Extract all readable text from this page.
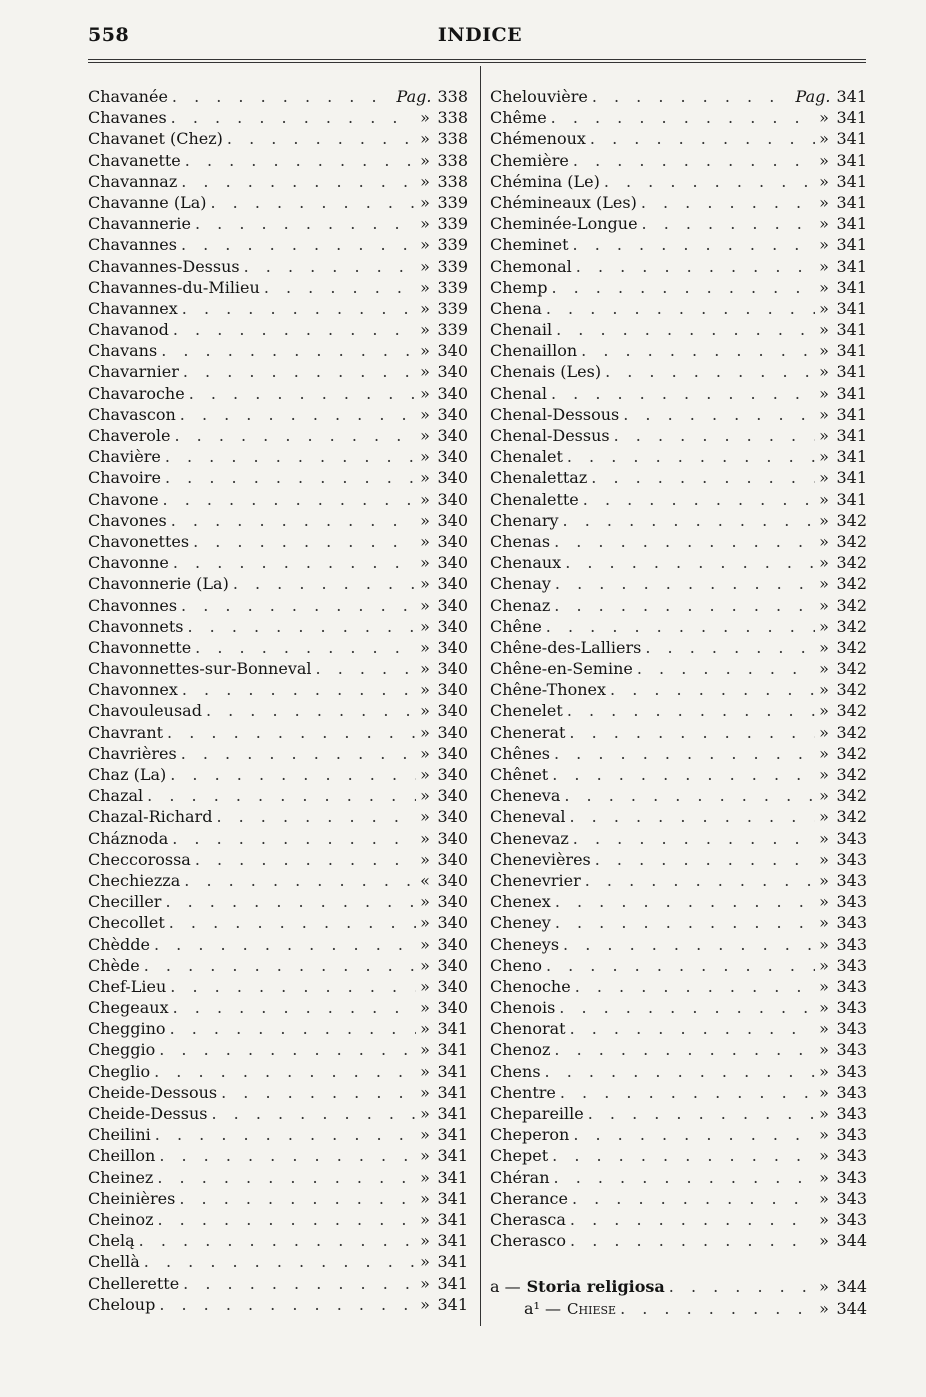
558	INDICE
Chavanée . . .	Pag. 338
Chavanes . . .	» 338
Chavanet (Chez) . . .	» 338
Chavanette . . .	» 338
Chavannaz . . .	» 338
Chavanne (La) . . .	» 339
Chavannerie . . .	» 339
Chavannes . . .	» 339
Chavannes-Dessus . . .	» 339
Chavannes-du-Milieu . . .	» 339
Chavannex . . .	» 339
Chavanod . . .	» 339
Chavans . . .	» 340
Chavarnier . . .	» 340
Chavaroche . . .	» 340
Chavascon . . .	» 340
Chaverole . . .	» 340
Chavière . . .	» 340
Chavoire . . .	» 340
Chavone . . .	» 340
Chavones . . .	» 340
Chavonettes . . .	» 340
Chavonne . . .	» 340
Chavonnerie (La) . . .	» 340
Chavonnes . . .	» 340
Chavonnets . . .	» 340
Chavonnette . . .	» 340
Chavonnettes-sur-Bonneval . . .	» 340
Chavonnex . . .	» 340
Chavouleusad . . .	» 340
Chavrant . . .	» 340
Chavrières . . .	» 340
Chaz (La) . . .	» 340
Chazal . . .	» 340
Chazal-Richard . . .	» 340
Cháznoda . . .	» 340
Checcorossa . . .	» 340
Chechiezza . . .	« 340
Checiller . . .	» 340
Checollet . . .	» 340
Chèdde . . .	» 340
Chède . . .	» 340
Chef-Lieu . . .	» 340
Chegeaux . . .	» 340
Cheggino . . .	» 341
Cheggio . . .	» 341
Cheglio . . .	» 341
Cheide-Dessous . . .	» 341
Cheide-Dessus . . .	» 341
Cheilini . . .	» 341
Cheillon . . .	» 341
Cheinez . . .	» 341
Cheinières . . .	» 341
Cheinoz . . .	» 341
Chelą . . .	» 341
Chellà . . .	» 341
Chellerette . . .	» 341
Cheloup . . .	» 341
Chelouvière . . .	Pag. 341
Chême . . .	» 341
Chémenoux . . .	» 341
Chemière . . .	» 341
Chémina (Le) . . .	» 341
Chémineaux (Les) . . .	» 341
Cheminée-Longue . . .	» 341
Cheminet . . .	» 341
Chemonal . . .	» 341
Chemp . . .	» 341
Chena . . .	» 341
Chenail . . .	» 341
Chenaillon . . .	» 341
Chenais (Les) . . .	» 341
Chenal . . .	» 341
Chenal-Dessous . . .	» 341
Chenal-Dessus . . .	» 341
Chenalet . . .	» 341
Chenalettaz . . .	» 341
Chenalette . . .	» 341
Chenary . . .	» 342
Chenas . . .	» 342
Chenaux . . .	» 342
Chenay . . .	» 342
Chenaz . . .	» 342
Chêne . . .	» 342
Chêne-des-Lalliers . . .	» 342
Chêne-en-Semine . . .	» 342
Chêne-Thonex . . .	» 342
Chenelet . . .	» 342
Chenerat . . .	» 342
Chênes . . .	» 342
Chênet . . .	» 342
Cheneva . . .	» 342
Cheneval . . .	» 342
Chenevaz . . .	» 343
Chenevières . . .	» 343
Chenevrier . . .	» 343
Chenex . . .	» 343
Cheney . . .	» 343
Cheneys . . .	» 343
Cheno . . .	» 343
Chenoche . . .	» 343
Chenois . . .	» 343
Chenorat . . .	» 343
Chenoz . . .	» 343
Chens . . .	» 343
Chentre . . .	» 343
Chepareille . . .	» 343
Cheperon . . .	» 343
Chepet . . .	» 343
Chéran . . .	» 343
Cherance . . .	» 343
Cherasca . . .	» 343
Cherasco . . .	» 344
a — Storia religiosa . . .	» 344
a¹ — Chiese . . .	» 344
